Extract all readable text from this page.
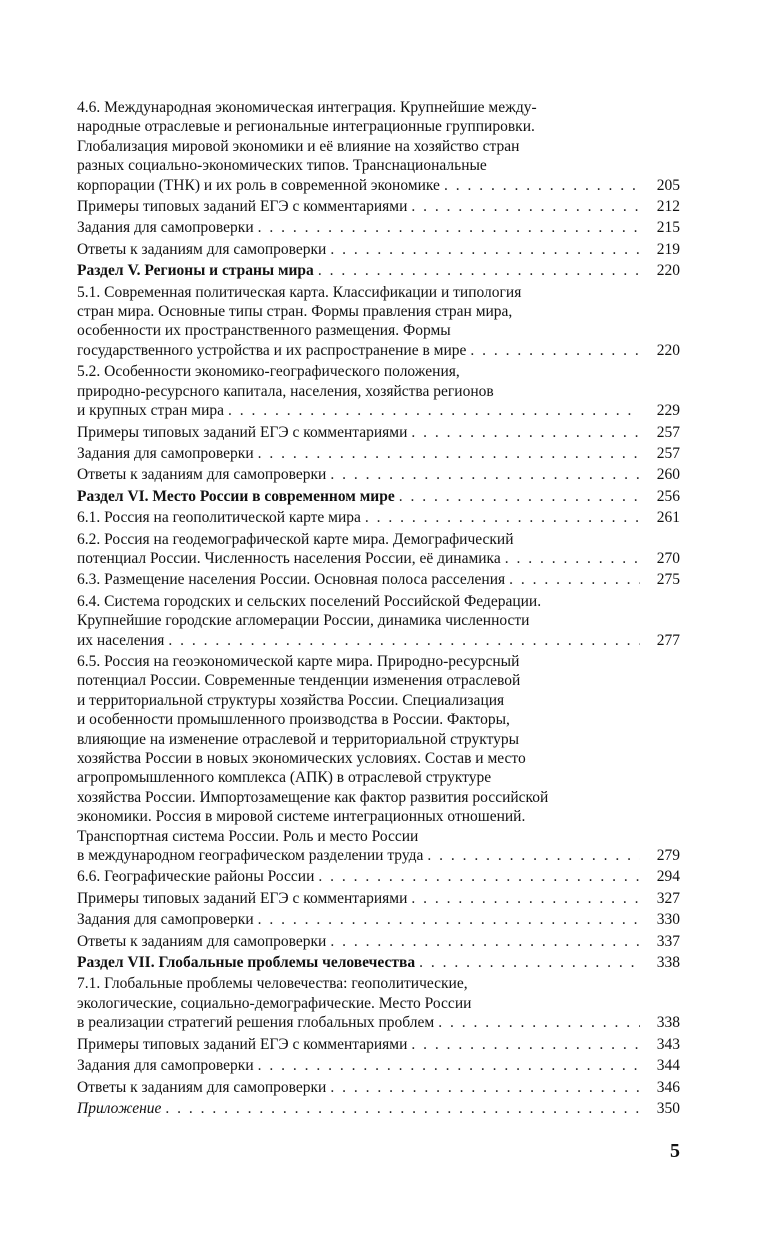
4.6. Международная экономическая интеграция. Крупнейшие между-
народные отраслевые и региональные интеграционные группировки.
Глобализация мировой экономики и её влияние на хозяйство стран
разных социально-экономических типов. Транснациональные
корпорации (ТНК) и их роль в современной экономике . . .	205
Примеры типовых заданий ЕГЭ с комментариями . . .	212
Задания для самопроверки . . .	215
Ответы к заданиям для самопроверки . . .	219
Раздел V. Регионы и страны мира . . .	220
5.1. Современная политическая карта. Классификации и типология
стран мира. Основные типы стран. Формы правления стран мира,
особенности их пространственного размещения. Формы
государственного устройства и их распространение в мире . . .	220
5.2. Особенности экономико-географического положения,
природно-ресурсного капитала, населения, хозяйства регионов
и крупных стран мира . . .	229
Примеры типовых заданий ЕГЭ с комментариями . . .	257
Задания для самопроверки . . .	257
Ответы к заданиям для самопроверки . . .	260
Раздел VI. Место России в современном мире . . .	256
6.1. Россия на геополитической карте мира . . .	261
6.2. Россия на геодемографической карте мира. Демографический
потенциал России. Численность населения России, её динамика . . .	270
6.3. Размещение населения России. Основная полоса расселения . . .	275
6.4. Система городских и сельских поселений Российской Федерации.
Крупнейшие городские агломерации России, динамика численности
их населения . . .	277
6.5. Россия на геоэкономической карте мира. Природно-ресурсный
потенциал России. Современные тенденции изменения отраслевой
и территориальной структуры хозяйства России. Специализация
и особенности промышленного производства в России. Факторы,
влияющие на изменение отраслевой и территориальной структуры
хозяйства России в новых экономических условиях. Состав и место
агропромышленного комплекса (АПК) в отраслевой структуре
хозяйства России. Импортозамещение как фактор развития российской
экономики. Россия в мировой системе интеграционных отношений.
Транспортная система России. Роль и место России
в международном географическом разделении труда . . .	279
6.6. Географические районы России . . .	294
Примеры типовых заданий ЕГЭ с комментариями . . .	327
Задания для самопроверки . . .	330
Ответы к заданиям для самопроверки . . .	337
Раздел VII. Глобальные проблемы человечества . . .	338
7.1. Глобальные проблемы человечества: геополитические,
экологические, социально-демографические. Место России
в реализации стратегий решения глобальных проблем . . .	338
Примеры типовых заданий ЕГЭ с комментариями . . .	343
Задания для самопроверки . . .	344
Ответы к заданиям для самопроверки . . .	346
Приложение . . .	350
5
